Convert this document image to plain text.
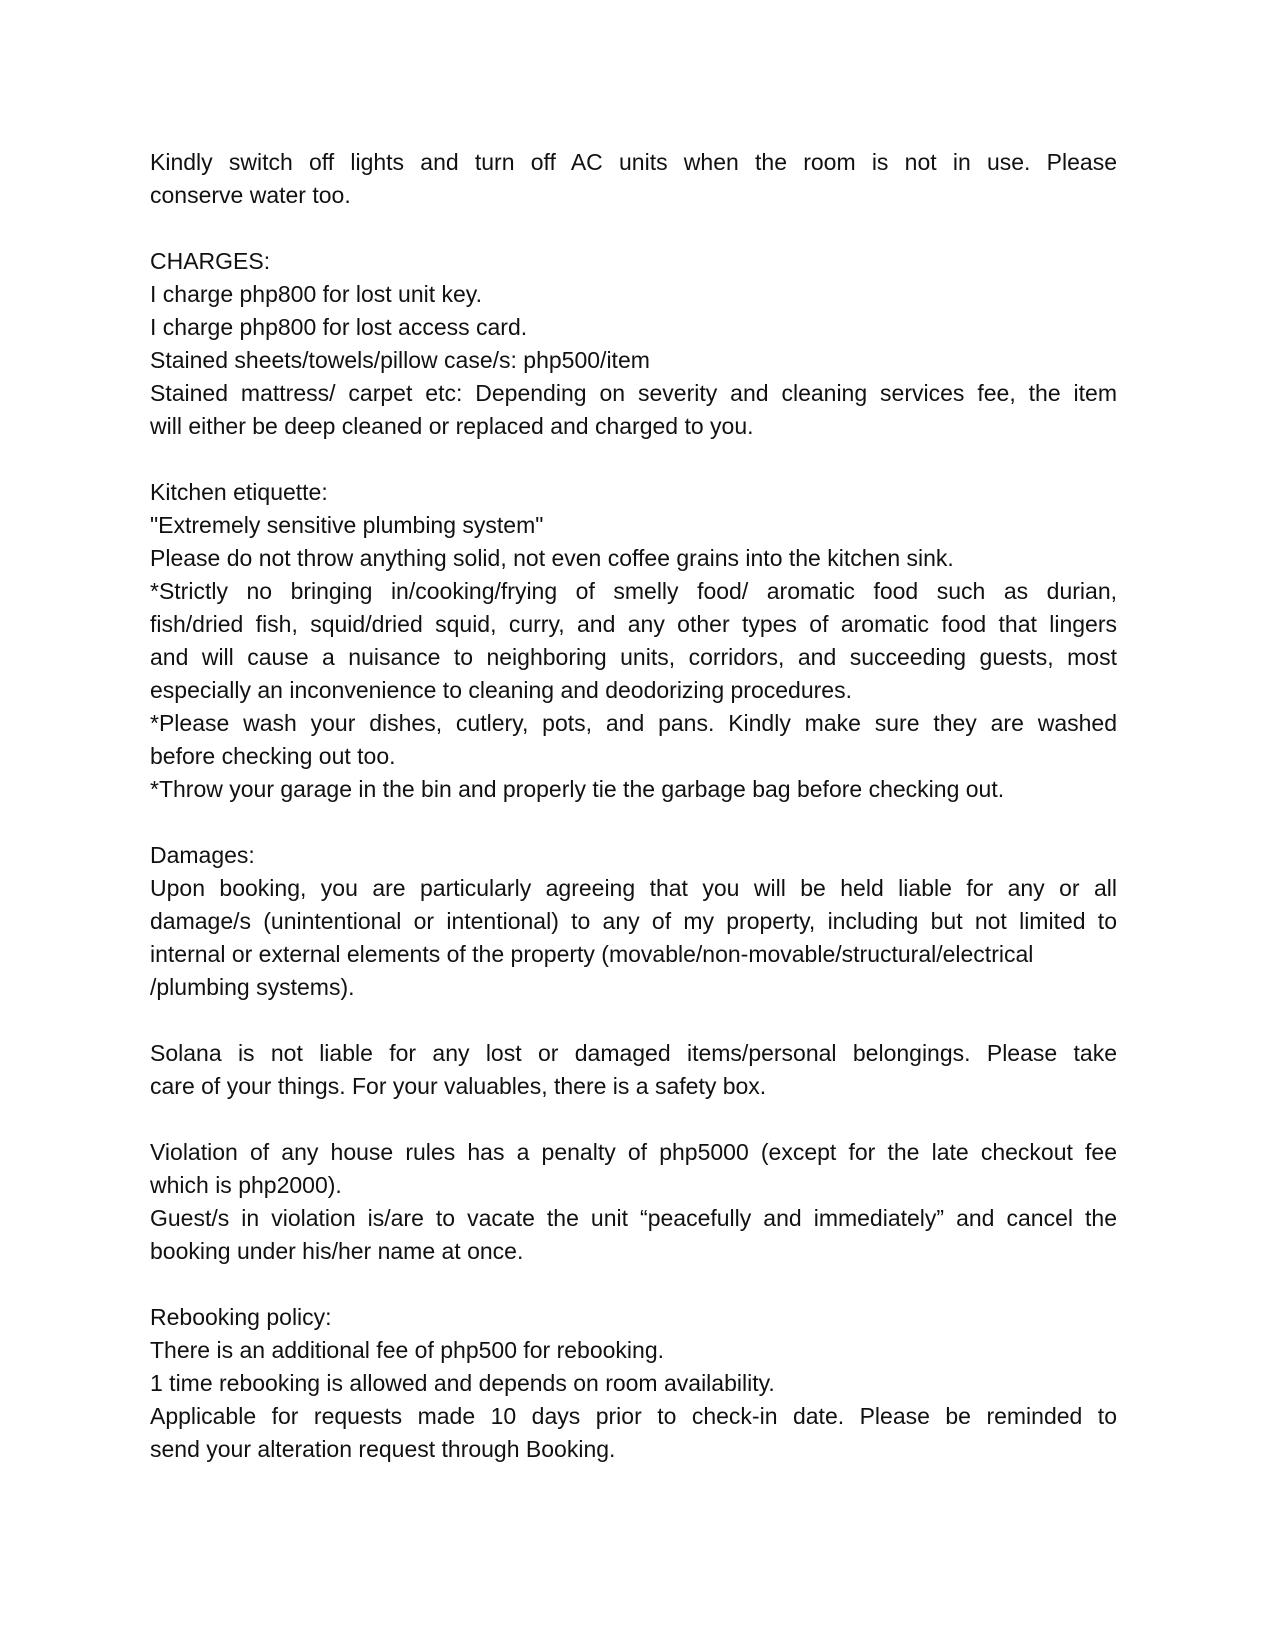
Kindly switch off lights and turn off AC units when the room is not in use. Please
conserve water too.
CHARGES:
I charge php800 for lost unit key.
I charge php800 for lost access card.
Stained sheets/towels/pillow case/s: php500/item
Stained mattress/ carpet etc: Depending on severity and cleaning services fee, the item
will either be deep cleaned or replaced and charged to you.
Kitchen etiquette:
"Extremely sensitive plumbing system"
Please do not throw anything solid, not even coffee grains into the kitchen sink.
*Strictly no bringing in/cooking/frying of smelly food/ aromatic food such as durian,
fish/dried fish, squid/dried squid, curry, and any other types of aromatic food that lingers
and will cause a nuisance to neighboring units, corridors, and succeeding guests, most
especially an inconvenience to cleaning and deodorizing procedures.
*Please wash your dishes, cutlery, pots, and pans. Kindly make sure they are washed
before checking out too.
*Throw your garage in the bin and properly tie the garbage bag before checking out.
Damages:
Upon booking, you are particularly agreeing that you will be held liable for any or all
damage/s (unintentional or intentional) to any of my property, including but not limited to
internal or external elements of the property (movable/non-movable/structural/electrical
/plumbing systems).
Solana is not liable for any lost or damaged items/personal belongings. Please take
care of your things. For your valuables, there is a safety box.
Violation of any house rules has a penalty of php5000 (except for the late checkout fee
which is php2000).
Guest/s in violation is/are to vacate the unit “peacefully and immediately” and cancel the
booking under his/her name at once.
Rebooking policy:
There is an additional fee of php500 for rebooking.
1 time rebooking is allowed and depends on room availability.
Applicable for requests made 10 days prior to check-in date. Please be reminded to
send your alteration request through Booking.
